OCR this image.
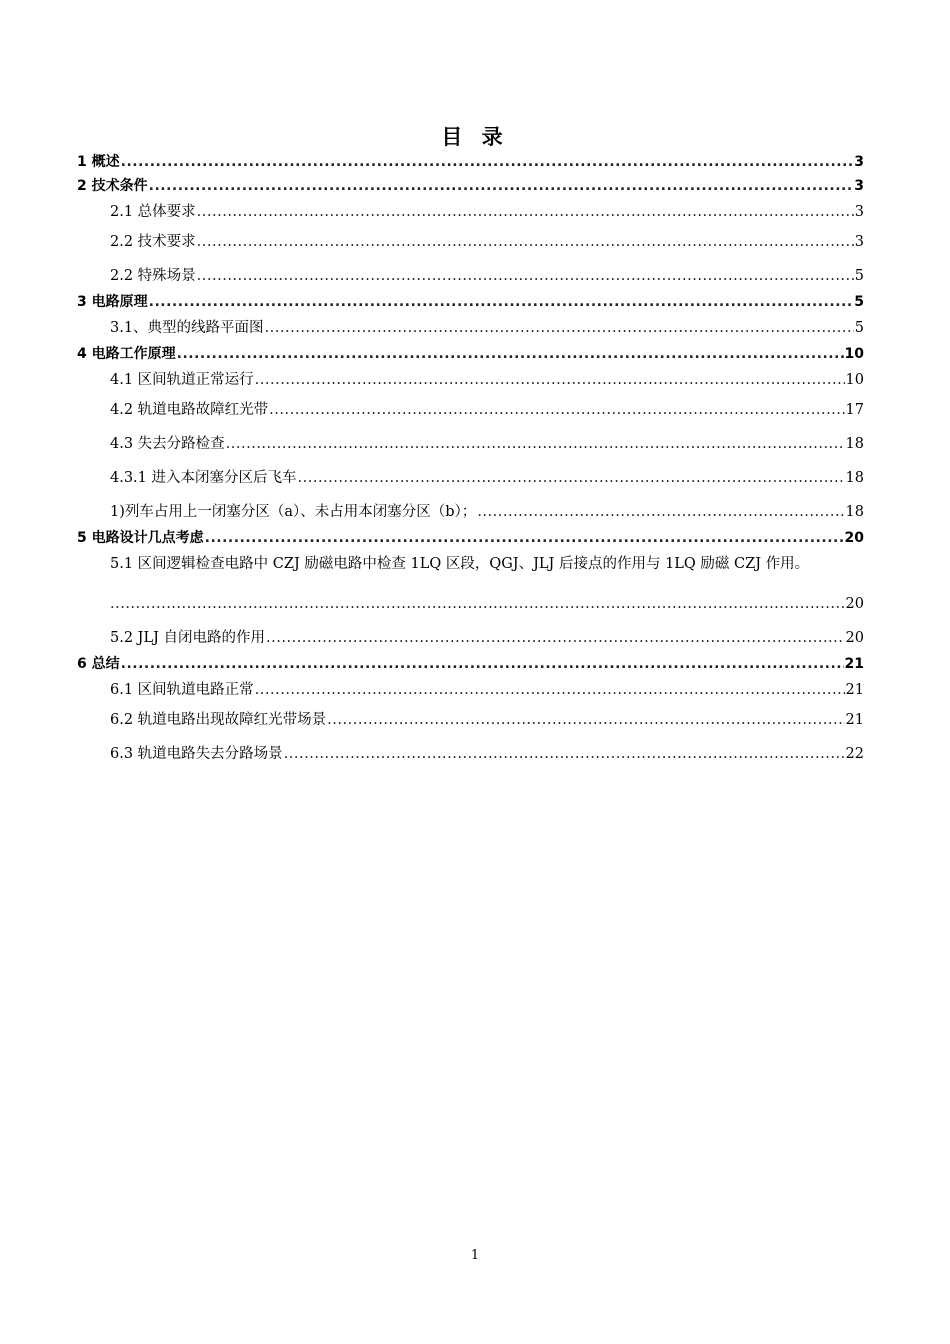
目 录
1 概述 .....	3
2 技术条件 .....	3
2.1 总体要求 .....	3
2.2 技术要求 .....	3
2.2 特殊场景 .....	5
3 电路原理 .....	5
3.1、典型的线路平面图 .....	5
4 电路工作原理 .....	10
4.1 区间轨道正常运行 .....	10
4.2 轨道电路故障红光带 .....	17
4.3 失去分路检查 .....	18
4.3.1 进入本闭塞分区后飞车 .....	18
1)列车占用上一闭塞分区（a）、未占用本闭塞分区（b）； .....	18
5 电路设计几点考虑 .....	20
5.1 区间逻辑检查电路中 CZJ 励磁电路中检查 1LQ 区段，QGJ、JLJ 后接点的作用与 1LQ 励磁 CZJ 作用。
.....
20
5.2 JLJ 自闭电路的作用 .....	20
6 总结 .....	21
6.1 区间轨道电路正常 .....	21
6.2 轨道电路出现故障红光带场景 .....	21
6.3 轨道电路失去分路场景 .....	22
1
